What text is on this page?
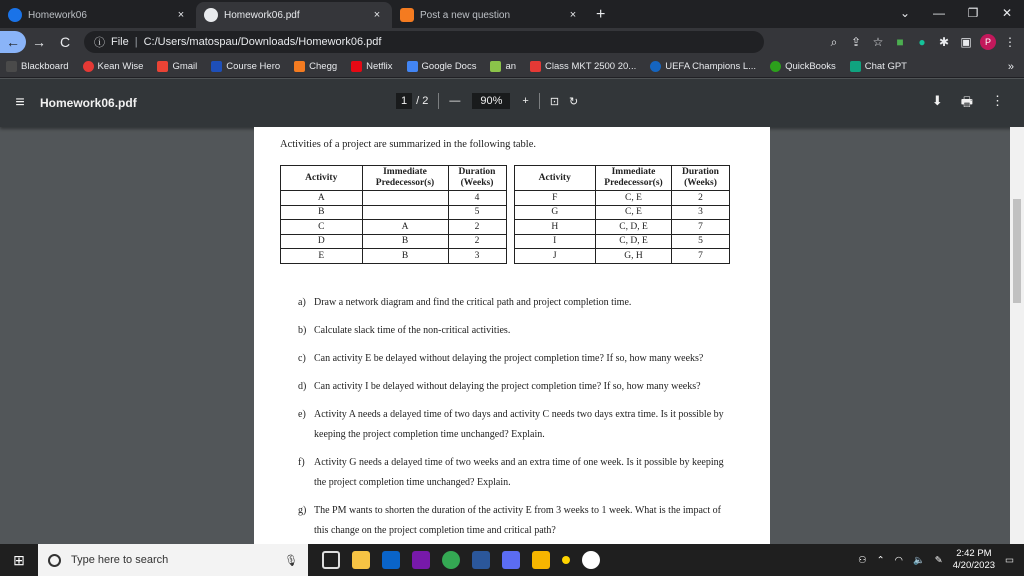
Homework06	×	Homework06.pdf	×	Post a new question	× +	⌄	—	❐	✕
← → C	ⓘ File | C:/Users/matospau/Downloads/Homework06.pdf	⌕	⇪ ☆	■	●	✱ ▣	P	⋮
Blackboard	Kean Wise	Gmail	Course Hero	Chegg	Netflix	Google Docs	an	Class MKT 2500 20...	UEFA Champions L...	QuickBooks	Chat GPT	»
≡	Homework06.pdf	1 / 2 —	90%	+ ⊡ ↻	⬇ 🖶 ⋮
Activities of a project are summarized in the following table.
Activity	Immediate Predecessor(s)	Duration (Weeks)		Activity	Immediate Predecessor(s)	Duration (Weeks)
A		4		F	C, E	2
B		5		G	C, E	3
C	A	2		H	C, D, E	7
D	B	2		I	C, D, E	5
E	B	3		J	G, H	7
a) Draw a network diagram and find the critical path and project completion time.
b) Calculate slack time of the non-critical activities.
c) Can activity E be delayed without delaying the project completion time? If so, how many weeks?
d) Can activity I be delayed without delaying the project completion time? If so, how many weeks?
e) Activity A needs a delayed time of two days and activity C needs two days extra time. Is it possible by keeping the project completion time unchanged? Explain.
f) Activity G needs a delayed time of two weeks and an extra time of one week. Is it possible by keeping the project completion time unchanged? Explain.
g) The PM wants to shorten the duration of the activity E from 3 weeks to 1 week. What is the impact of this change on the project completion time and critical path?
⊞	Type here to search	🎙	⚇ ⌃ ◠ 🔈 ✎
2:42 PM
4/20/2023 ▭
